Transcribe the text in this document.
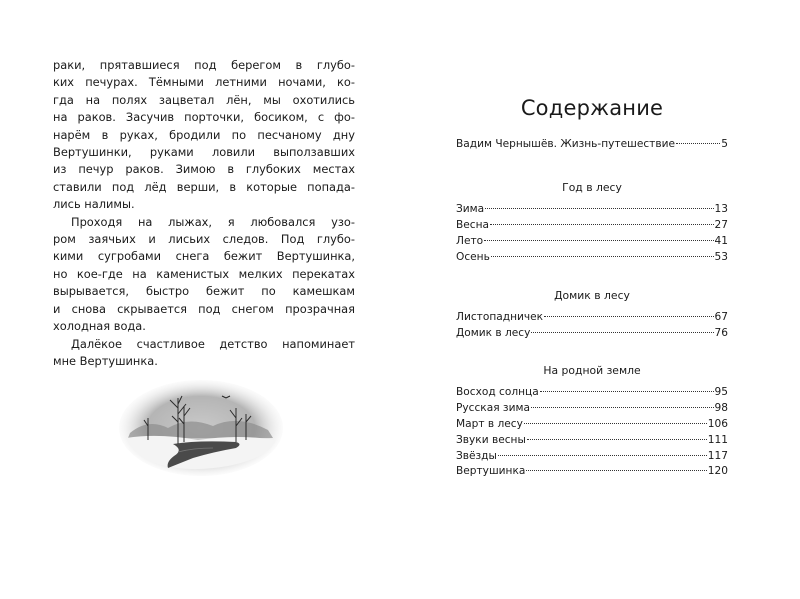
раки, прятавшиеся под берегом в глубо-
ких печурах. Тёмными летними ночами, ко-
гда на полях зацветал лён, мы охотились
на раков. Засучив порточки, босиком, с фо-
нарём в руках, бродили по песчаному дну
Вертушинки, руками ловили выползавших
из печур раков. Зимою в глубоких местах
ставили под лёд верши, в которые попада-
лись налимы.

Проходя на лыжах, я любовался узо-
ром заячьих и лисьих следов. Под глубо-
кими сугробами снега бежит Вертушинка,
но кое-где на каменистых мелких перекатах
вырывается, быстро бежит по камешкам
и снова скрывается под снегом прозрачная
холодная вода.

Далёкое счастливое детство напоминает
мне Вертушинка.

Содержание
Вадим Чернышёв. Жизнь-путешествие	5
Год в лесу
Зима	13
Весна	27
Лето	41
Осень	53
Домик в лесу
Листопадничек	67
Домик в лесу	76
На родной земле
Восход солнца	95
Русская зима	98
Март в лесу	106
Звуки весны	111
Звёзды	117
Вертушинка	120
